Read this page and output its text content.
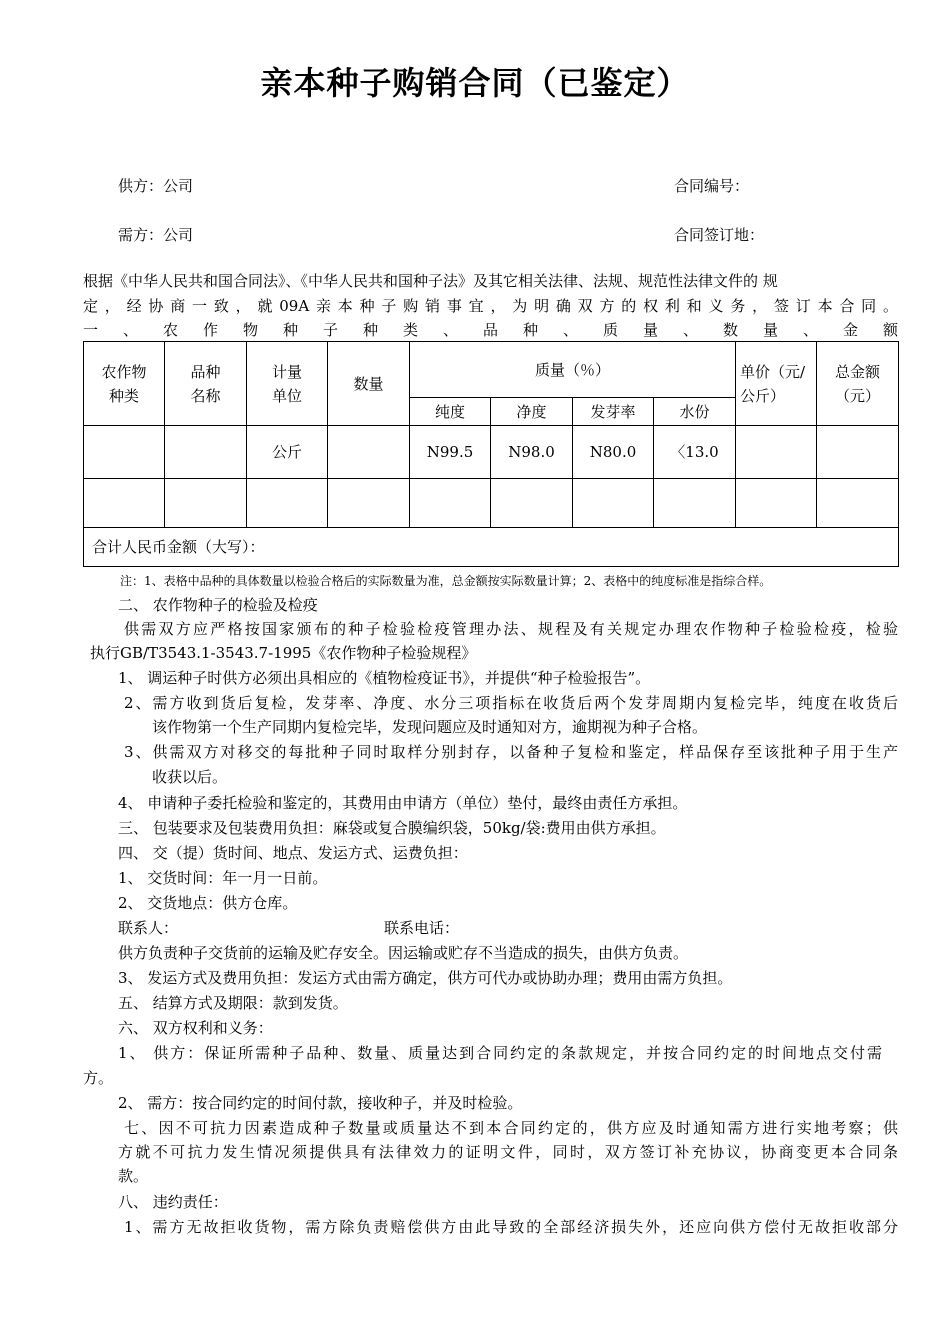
亲本种子购销合同（已鉴定）
供方：公司	合同编号：
需方：公司	合同签订地：
根据《中华人民共和国合同法》、《中华人民共和国种子法》及其它相关法律、法规、规范性法律文件的 规
定，经协商一致，就09A亲本种子购销事宜，为明确双方的权利和义务，签订本合同。
一、农作物种子种类、品种、质量、数量、金额
农作物种类	品种名称	计量单位	数量	质量（％）				单价（元/公斤）	总金额（元）

				纯度	净度	发芽率	水份		
		公斤		N99.5	N98.0	N80.0	〈13.0		

合计人民币金额（大写）：									
注：1、表格中品种的具体数量以检验合格后的实际数量为准，总金额按实际数量计算；2、表格中的纯度标准是指综合样。
二、 农作物种子的检验及检疫
供需双方应严格按国家颁布的种子检验检疫管理办法、规程及有关规定办理农作物种子检验检疫，检验
执行GB/T3543.1-3543.7-1995《农作物种子检验规程》
1、 调运种子时供方必须出具相应的《植物检疫证书》，并提供“种子检验报告”。
2、需方收到货后复检，发芽率、净度、水分三项指标在收货后两个发芽周期内复检完毕，纯度在收货后
该作物第一个生产同期内复检完毕，发现问题应及时通知对方，逾期视为种子合格。
3、供需双方对移交的每批种子同时取样分别封存，以备种子复检和鉴定，样品保存至该批种子用于生产
收获以后。
4、 申请种子委托检验和鉴定的，其费用由申请方（单位）垫付，最终由责任方承担。
三、 包装要求及包装费用负担：麻袋或复合膜编织袋，50kg/袋:费用由供方承担。
四、 交（提）货时间、地点、发运方式、运费负担：
1、 交货时间：年一月一日前。
2、 交货地点：供方仓库。
联系人：	联系电话：
供方负责种子交货前的运输及贮存安全。因运输或贮存不当造成的损失，由供方负责。
3、 发运方式及费用负担：发运方式由需方确定，供方可代办或协助办理；费用由需方负担。
五、 结算方式及期限：款到发货。
六、 双方权利和义务：
1、 供方：保证所需种子品种、数量、质量达到合同约定的条款规定，并按合同约定的时间地点交付需
方。
2、 需方：按合同约定的时间付款，接收种子，并及时检验。
七、因不可抗力因素造成种子数量或质量达不到本合同约定的，供方应及时通知需方进行实地考察；供
方就不可抗力发生情况须提供具有法律效力的证明文件，同时，双方签订补充协议，协商变更本合同条
款。
八、 违约责任：
1、需方无故拒收货物，需方除负责赔偿供方由此导致的全部经济损失外，还应向供方偿付无故拒收部分
